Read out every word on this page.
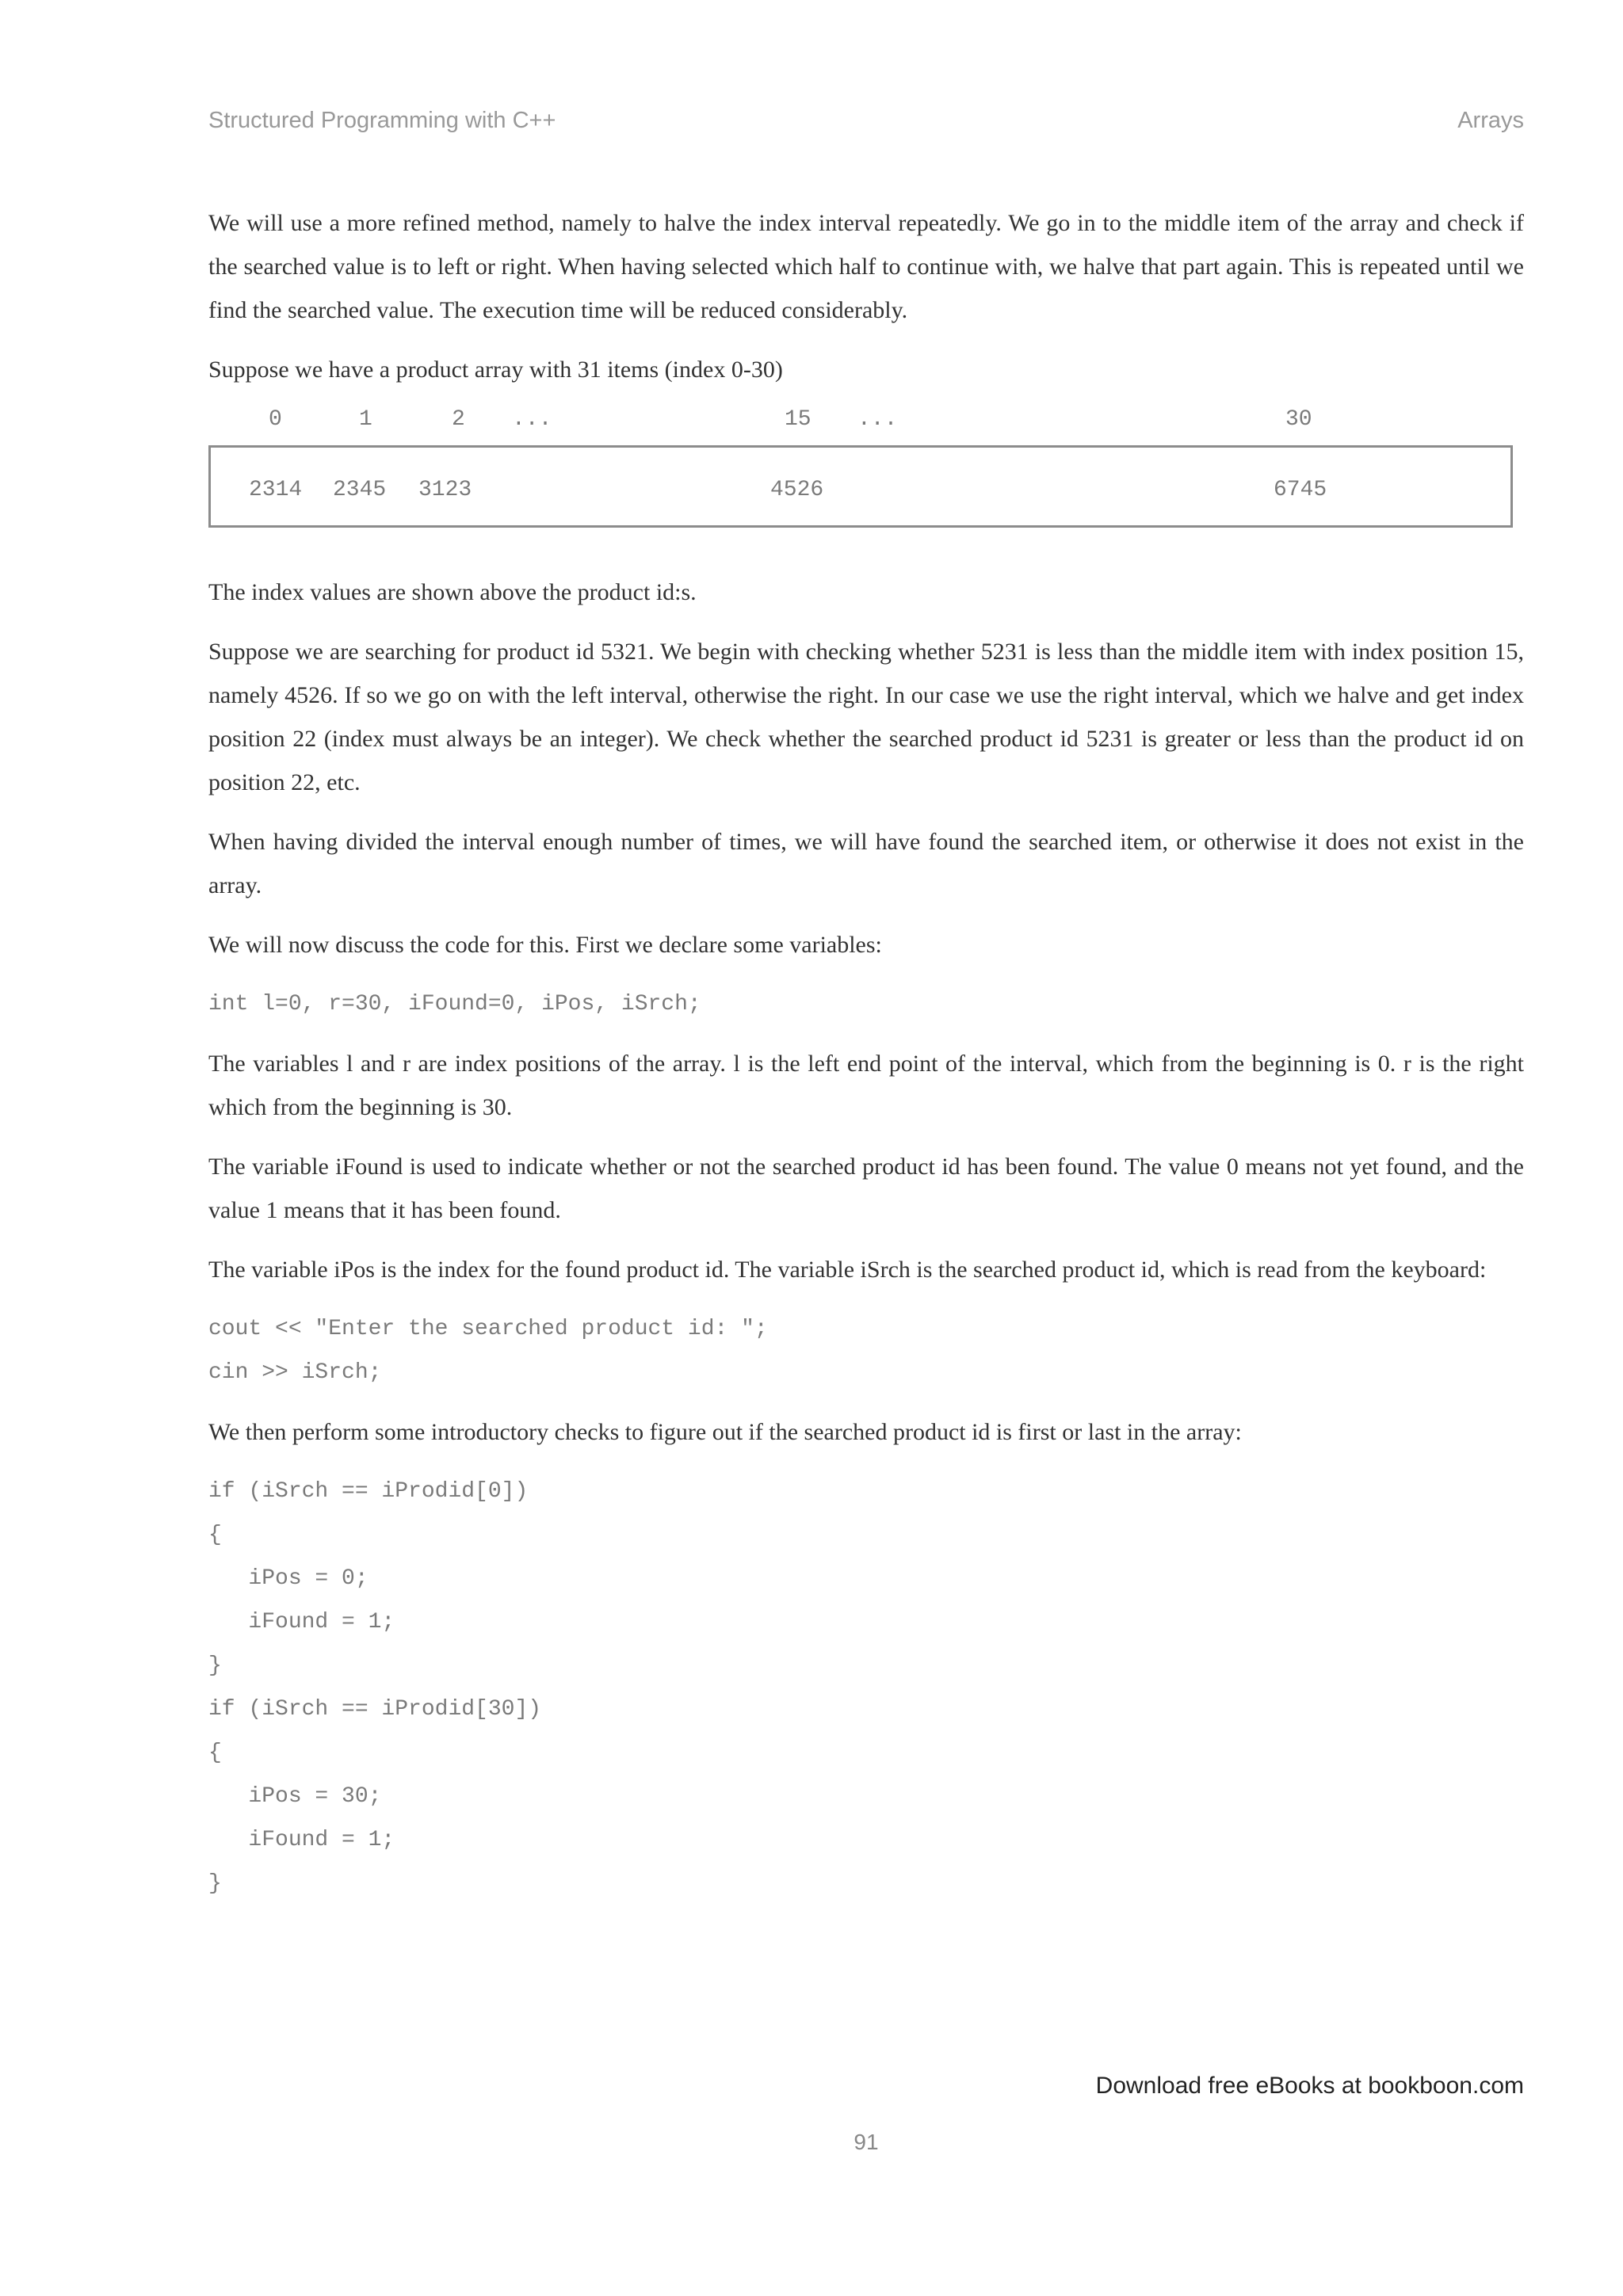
Structured Programming with C++	Arrays

We will use a more refined method, namely to halve the index interval repeatedly. We go in to the middle item of the array and check if the searched value is to left or right. When having selected which half to continue with, we halve that part again. This is repeated until we find the searched value. The execution time will be reduced considerably.

Suppose we have a product array with 31 items (index 0-30)

0	1	2 ...	15 ...	30
2314 2345 3123	4526	6745

The index values are shown above the product id:s.

Suppose we are searching for product id 5321. We begin with checking whether 5231 is less than the middle item with index position 15, namely 4526. If so we go on with the left interval, otherwise the right. In our case we use the right interval, which we halve and get index position 22 (index must always be an integer). We check whether the searched product id 5231 is greater or less than the product id on position 22, etc.

When having divided the interval enough number of times, we will have found the searched item, or otherwise it does not exist in the array.

We will now discuss the code for this. First we declare some variables:

int l=0, r=30, iFound=0, iPos, iSrch;

The variables l and r are index positions of the array. l is the left end point of the interval, which from the beginning is 0. r is the right which from the beginning is 30.

The variable iFound is used to indicate whether or not the searched product id has been found. The value 0 means not yet found, and the value 1 means that it has been found.

The variable iPos is the index for the found product id. The variable iSrch is the searched product id, which is read from the keyboard:

cout << "Enter the searched product id: ";
cin >> iSrch;

We then perform some introductory checks to figure out if the searched product id is first or last in the array:

if (iSrch == iProdid[0])
{
iPos = 0;
iFound = 1;
}
if (iSrch == iProdid[30])
{
iPos = 30;
iFound = 1;
}
Download free eBooks at bookboon.com
91
